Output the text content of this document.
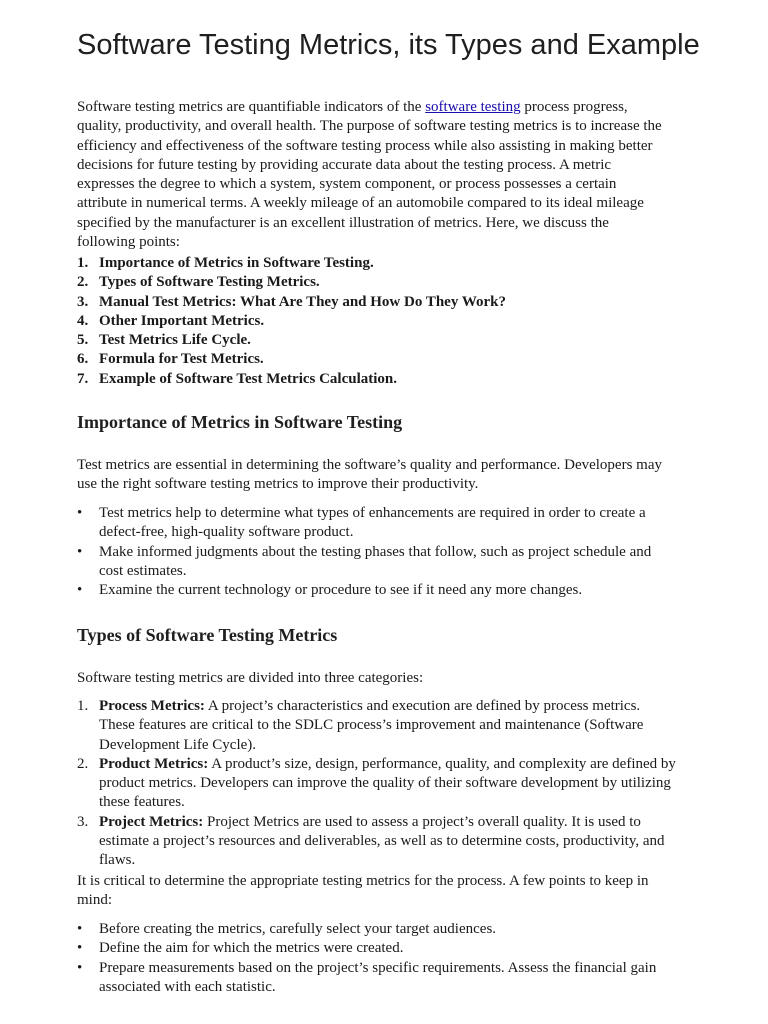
Software Testing Metrics, its Types and Example

Software testing metrics are quantifiable indicators of the software testing process progress, quality, productivity, and overall health. The purpose of software testing metrics is to increase the efficiency and effectiveness of the software testing process while also assisting in making better decisions for future testing by providing accurate data about the testing process. A metric expresses the degree to which a system, system component, or process possesses a certain attribute in numerical terms. A weekly mileage of an automobile compared to its ideal mileage specified by the manufacturer is an excellent illustration of metrics. Here, we discuss the following points:

1. Importance of Metrics in Software Testing.
2. Types of Software Testing Metrics.
3. Manual Test Metrics: What Are They and How Do They Work?
4. Other Important Metrics.
5. Test Metrics Life Cycle.
6. Formula for Test Metrics.
7. Example of Software Test Metrics Calculation.
Importance of Metrics in Software Testing

Test metrics are essential in determining the software’s quality and performance. Developers may use the right software testing metrics to improve their productivity.

• Test metrics help to determine what types of enhancements are required in order to create a defect-free, high-quality software product.
• Make informed judgments about the testing phases that follow, such as project schedule and cost estimates.
• Examine the current technology or procedure to see if it need any more changes.
Types of Software Testing Metrics

Software testing metrics are divided into three categories:

1. Process Metrics: A project’s characteristics and execution are defined by process metrics. These features are critical to the SDLC process’s improvement and maintenance (Software Development Life Cycle).
2. Product Metrics: A product’s size, design, performance, quality, and complexity are defined by product metrics. Developers can improve the quality of their software development by utilizing these features.
3. Project Metrics: Project Metrics are used to assess a project’s overall quality. It is used to estimate a project’s resources and deliverables, as well as to determine costs, productivity, and flaws.

It is critical to determine the appropriate testing metrics for the process. A few points to keep in mind:

• Before creating the metrics, carefully select your target audiences.
• Define the aim for which the metrics were created.
• Prepare measurements based on the project’s specific requirements. Assess the financial gain associated with each statistic.
